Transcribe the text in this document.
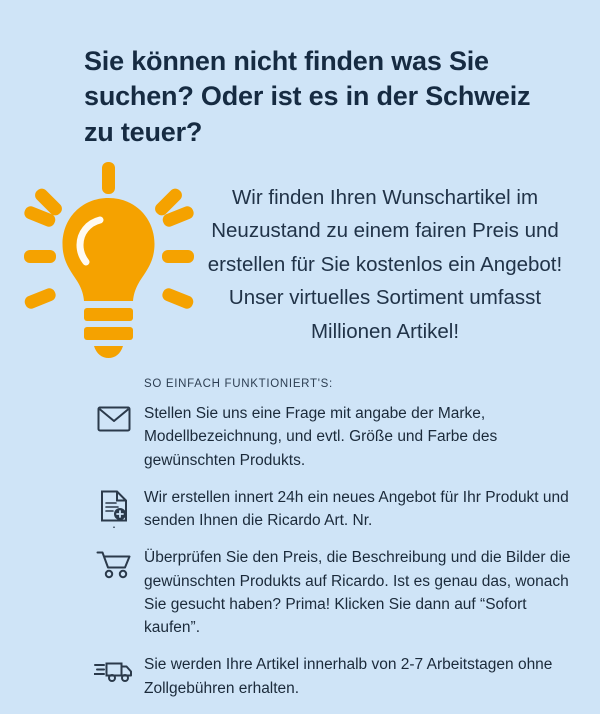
Sie können nicht finden was Sie suchen? Oder ist es in der Schweiz zu teuer?

Wir finden Ihren Wunschartikel im Neuzustand zu einem fairen Preis und erstellen für Sie kostenlos ein Angebot! Unser virtuelles Sortiment umfasst Millionen Artikel!

SO EINFACH FUNKTIONIERT'S:
Stellen Sie uns eine Frage mit angabe der Marke, Modellbezeichnung, und evtl. Größe und Farbe des gewünschten Produkts.
Wir erstellen innert 24h ein neues Angebot für Ihr Produkt und senden Ihnen die Ricardo Art. Nr.
Überprüfen Sie den Preis, die Beschreibung und die Bilder die gewünschten Produkts auf Ricardo. Ist es genau das, wonach Sie gesucht haben? Prima! Klicken Sie dann auf “Sofort kaufen”.
Sie werden Ihre Artikel innerhalb von 2-7 Arbeitstagen ohne Zollgebühren erhalten.
